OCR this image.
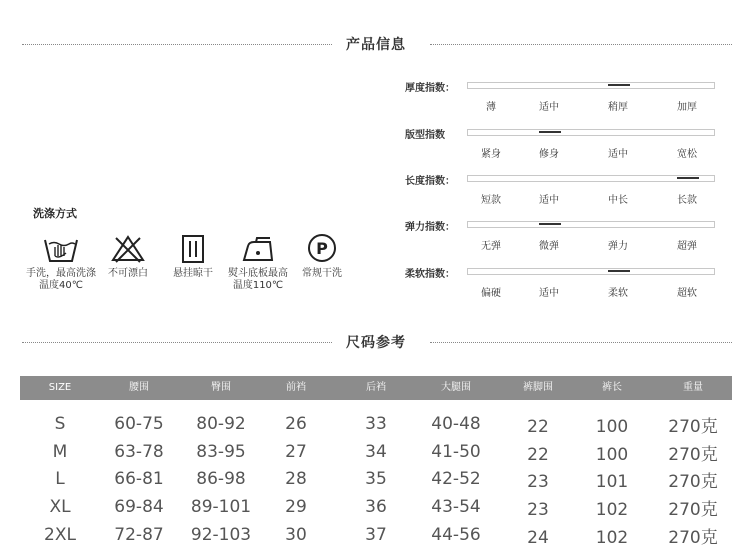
产品信息
洗涤方式
手洗，最高洗涤温度40℃
不可漂白	悬挂晾干	熨斗底板最高温度110℃
P
常规干洗
厚度指数：
薄	适中	稍厚	加厚
版型指数
紧身	修身	适中	宽松
长度指数：
短款	适中	中长	长款
弹力指数：
无弹	微弹	弹力	超弹
柔软指数：
偏硬	适中	柔软	超软
尺码参考
SIZE	腰围	臀围	前裆	后裆	大腿围	裤脚围	裤长	重量
S	60-75	80-92	26	33	40-48	22	100	270克
M	63-78	83-95	27	34	41-50	22	100	270克
L	66-81	86-98	28	35	42-52	23	101	270克
XL	69-84	89-101	29	36	43-54	23	102	270克
2XL	72-87	92-103	30	37	44-56	24	102	270克
